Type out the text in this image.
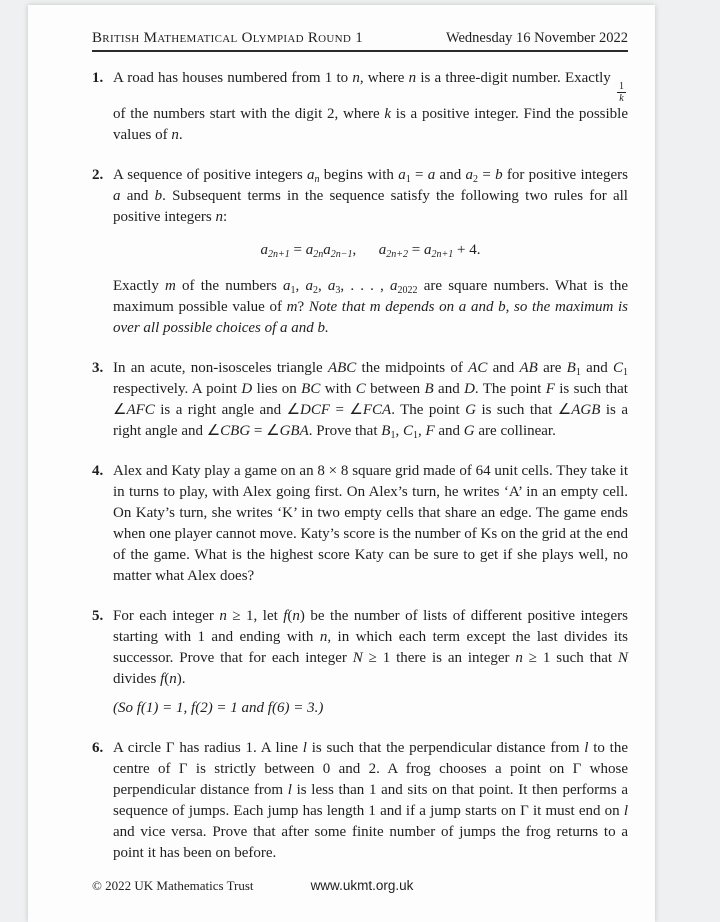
British Mathematical Olympiad Round 1	Wednesday 16 November 2022
1. A road has houses numbered from 1 to n, where n is a three-digit number. Exactly
$\frac{1}{k}$
of the numbers start with the digit 2, where k is a positive integer. Find the possible values of n.

2. A sequence of positive integers $a_n$ begins with $a_1 = a$ and $a_2 = b$ for positive integers a and b. Subsequent terms in the sequence satisfy the following two rules for all positive integers n:

$a_{2n+1} = a_{2n}a_{2n-1}$,  $a_{2n+2} = a_{2n+1} + 4$.

Exactly m of the numbers $a_1$, $a_2$, $a_3$, . . . , $a_{2022}$ are square numbers. What is the maximum possible value of m? Note that m depends on a and b, so the maximum is over all possible choices of a and b.

3. In an acute, non-isosceles triangle ABC the midpoints of AC and AB are $B_1$ and $C_1$ respectively. A point D lies on BC with C between B and D. The point F is such that ∠AFC is a right angle and ∠DCF = ∠FCA. The point G is such that ∠AGB is a right angle and ∠CBG = ∠GBA. Prove that $B_1$, $C_1$, F and G are collinear.

4. Alex and Katy play a game on an 8 × 8 square grid made of 64 unit cells. They take it in turns to play, with Alex going first. On Alex’s turn, he writes ‘A’ in an empty cell. On Katy’s turn, she writes ‘K’ in two empty cells that share an edge. The game ends when one player cannot move. Katy’s score is the number of Ks on the grid at the end of the game. What is the highest score Katy can be sure to get if she plays well, no matter what Alex does?

5. For each integer n ≥ 1, let f(n) be the number of lists of different positive integers starting with 1 and ending with n, in which each term except the last divides its successor. Prove that for each integer N ≥ 1 there is an integer n ≥ 1 such that N divides f(n).

(So f(1) = 1, f(2) = 1 and f(6) = 3.)

6. A circle Γ has radius 1. A line l is such that the perpendicular distance from l to the centre of Γ is strictly between 0 and 2. A frog chooses a point on Γ whose perpendicular distance from l is less than 1 and sits on that point. It then performs a sequence of jumps. Each jump has length 1 and if a jump starts on Γ it must end on l and vice versa. Prove that after some finite number of jumps the frog returns to a point it has been on before.

© 2022 UK Mathematics Trust	www.ukmt.org.uk
